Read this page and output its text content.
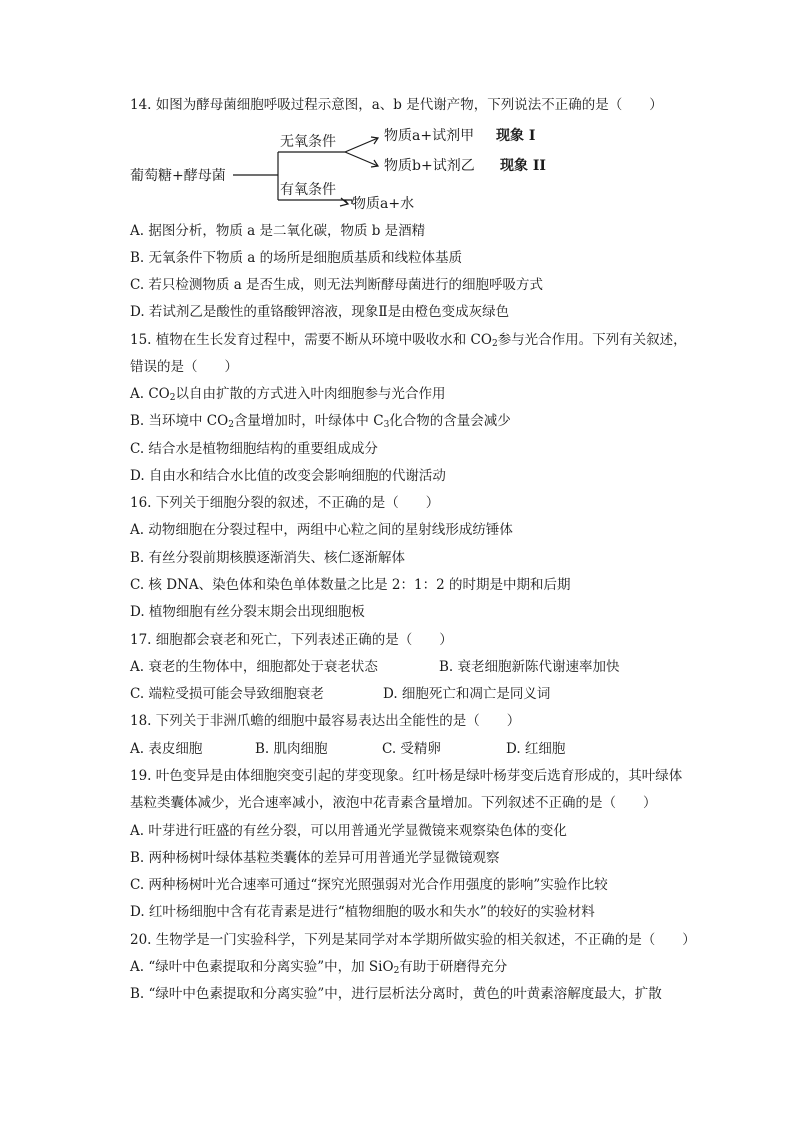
14. 如图为酵母菌细胞呼吸过程示意图，a、b 是代谢产物，下列说法不正确的是（　　）
葡萄糖+酵母菌
无氧条件
有氧条件
物质a+试剂甲
物质b+试剂乙
物质a+水
现象 I
现象 II
A. 据图分析，物质 a 是二氧化碳，物质 b 是酒精
B. 无氧条件下物质 a 的场所是细胞质基质和线粒体基质
C. 若只检测物质 a 是否生成，则无法判断酵母菌进行的细胞呼吸方式
D. 若试剂乙是酸性的重铬酸钾溶液，现象Ⅱ是由橙色变成灰绿色
15. 植物在生长发育过程中，需要不断从环境中吸收水和 $CO_2$参与光合作用。下列有关叙述，
错误的是（　　）
A. $CO_2$以自由扩散的方式进入叶肉细胞参与光合作用
B. 当环境中 $CO_2$含量增加时，叶绿体中 $C_3$化合物的含量会减少
C. 结合水是植物细胞结构的重要组成成分
D. 自由水和结合水比值的改变会影响细胞的代谢活动
16. 下列关于细胞分裂的叙述，不正确的是（　　）
A. 动物细胞在分裂过程中，两组中心粒之间的星射线形成纺锤体
B. 有丝分裂前期核膜逐渐消失、核仁逐渐解体
C. 核 DNA、染色体和染色单体数量之比是 2：1：2 的时期是中期和后期
D. 植物细胞有丝分裂末期会出现细胞板
17. 细胞都会衰老和死亡，下列表述正确的是（　　）
A. 衰老的生物体中，细胞都处于衰老状态	B. 衰老细胞新陈代谢速率加快
C. 端粒受损可能会导致细胞衰老	D. 细胞死亡和凋亡是同义词
18. 下列关于非洲爪蟾的细胞中最容易表达出全能性的是（　　）
A. 表皮细胞	B. 肌肉细胞	C. 受精卵	D. 红细胞
19. 叶色变异是由体细胞突变引起的芽变现象。红叶杨是绿叶杨芽变后选育形成的，其叶绿体
基粒类囊体减少，光合速率减小，液泡中花青素含量增加。下列叙述不正确的是（　　）
A. 叶芽进行旺盛的有丝分裂，可以用普通光学显微镜来观察染色体的变化
B. 两种杨树叶绿体基粒类囊体的差异可用普通光学显微镜观察
C. 两种杨树叶光合速率可通过“探究光照强弱对光合作用强度的影响”实验作比较
D. 红叶杨细胞中含有花青素是进行“植物细胞的吸水和失水”的较好的实验材料
20. 生物学是一门实验科学，下列是某同学对本学期所做实验的相关叙述，不正确的是（　　）
A. “绿叶中色素提取和分离实验”中，加 SiO$_2$有助于研磨得充分
B. “绿叶中色素提取和分离实验”中，进行层析法分离时，黄色的叶黄素溶解度最大，扩散
